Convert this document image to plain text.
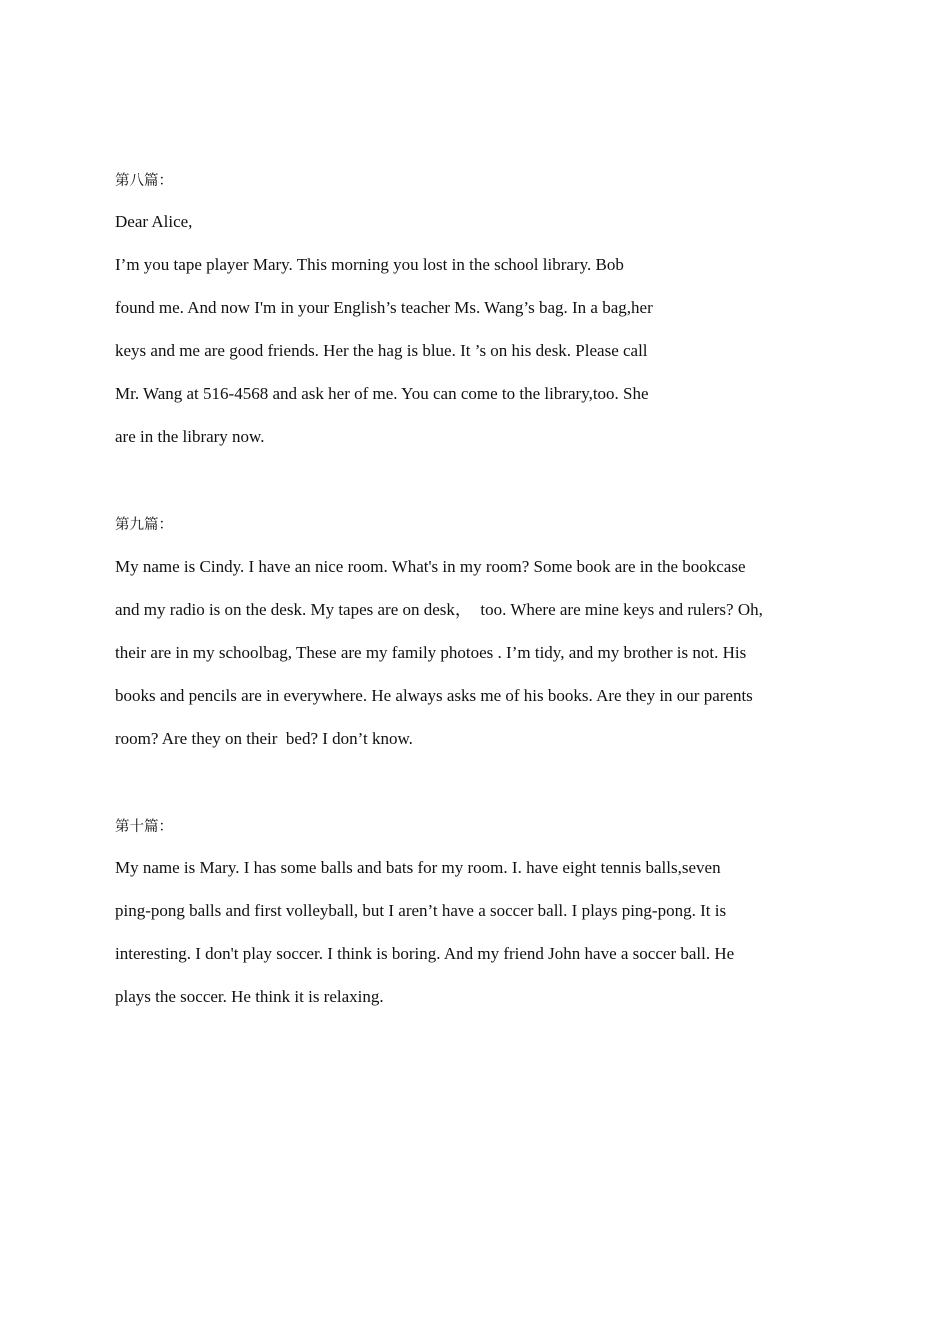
第八篇：
Dear Alice,
I’m you tape player Mary. This morning you lost in the school library. Bob
found me. And now I'm in your English’s teacher Ms. Wang’s bag. In a bag,her
keys and me are good friends. Her the hag is blue. It ’s on his desk. Please call
Mr. Wang at 516-4568 and ask her of me. You can come to the library,too. She
are in the library now.
第九篇：
My name is Cindy. I have an nice room. What's in my room? Some book are in the bookcase
and my radio is on the desk. My tapes are on desk，  too. Where are mine keys and rulers? Oh,
their are in my schoolbag, These are my family photoes . I’m tidy, and my brother is not. His
books and pencils are in everywhere. He always asks me of his books. Are they in our parents
room? Are they on their  bed? I don’t know.
第十篇：
My name is Mary. I has some balls and bats for my room. I. have eight tennis balls,seven
ping-pong balls and first volleyball, but I aren’t have a soccer ball. I plays ping-pong. It is
interesting. I don't play soccer. I think is boring. And my friend John have a soccer ball. He
plays the soccer. He think it is relaxing.
